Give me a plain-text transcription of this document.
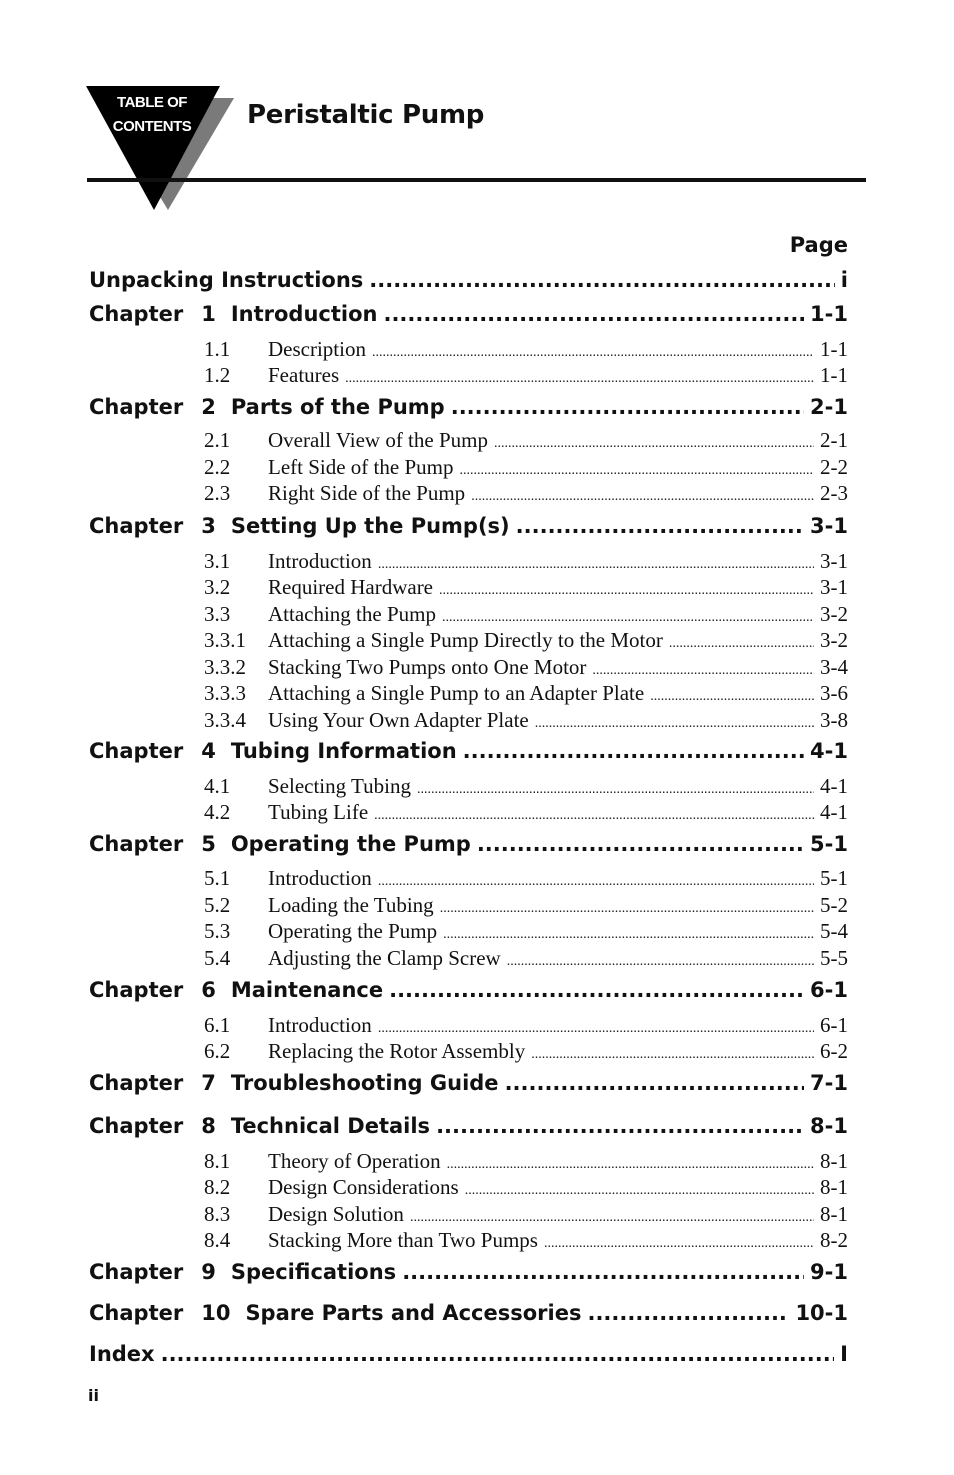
TABLE OF
CONTENTS Peristaltic Pump
Page
Unpacking Instructions .....	i
Chapter 1 Introduction .....	1-1
1.1	Description .....	1-1
1.2	Features .....	1-1
Chapter 2 Parts of the Pump .....	2-1
2.1	Overall View of the Pump .....	2-1
2.2	Left Side of the Pump .....	2-2
2.3	Right Side of the Pump .....	2-3
Chapter 3 Setting Up the Pump(s) .....	3-1
3.1	Introduction .....	3-1
3.2	Required Hardware .....	3-1
3.3	Attaching the Pump .....	3-2
3.3.1	Attaching a Single Pump Directly to the Motor .....	3-2
3.3.2	Stacking Two Pumps onto One Motor .....	3-4
3.3.3	Attaching a Single Pump to an Adapter Plate .....	3-6
3.3.4	Using Your Own Adapter Plate .....	3-8
Chapter 4 Tubing Information .....	4-1
4.1	Selecting Tubing .....	4-1
4.2	Tubing Life .....	4-1
Chapter 5 Operating the Pump .....	5-1
5.1	Introduction .....	5-1
5.2	Loading the Tubing .....	5-2
5.3	Operating the Pump .....	5-4
5.4	Adjusting the Clamp Screw .....	5-5
Chapter 6 Maintenance .....	6-1
6.1	Introduction .....	6-1
6.2	Replacing the Rotor Assembly .....	6-2
Chapter 7 Troubleshooting Guide .....	7-1
Chapter 8 Technical Details .....	8-1
8.1	Theory of Operation .....	8-1
8.2	Design Considerations .....	8-1
8.3	Design Solution .....	8-1
8.4	Stacking More than Two Pumps .....	8-2
Chapter 9 Specifications .....	9-1
Chapter 10 Spare Parts and Accessories .....	10-1
Index .....	I
ii
